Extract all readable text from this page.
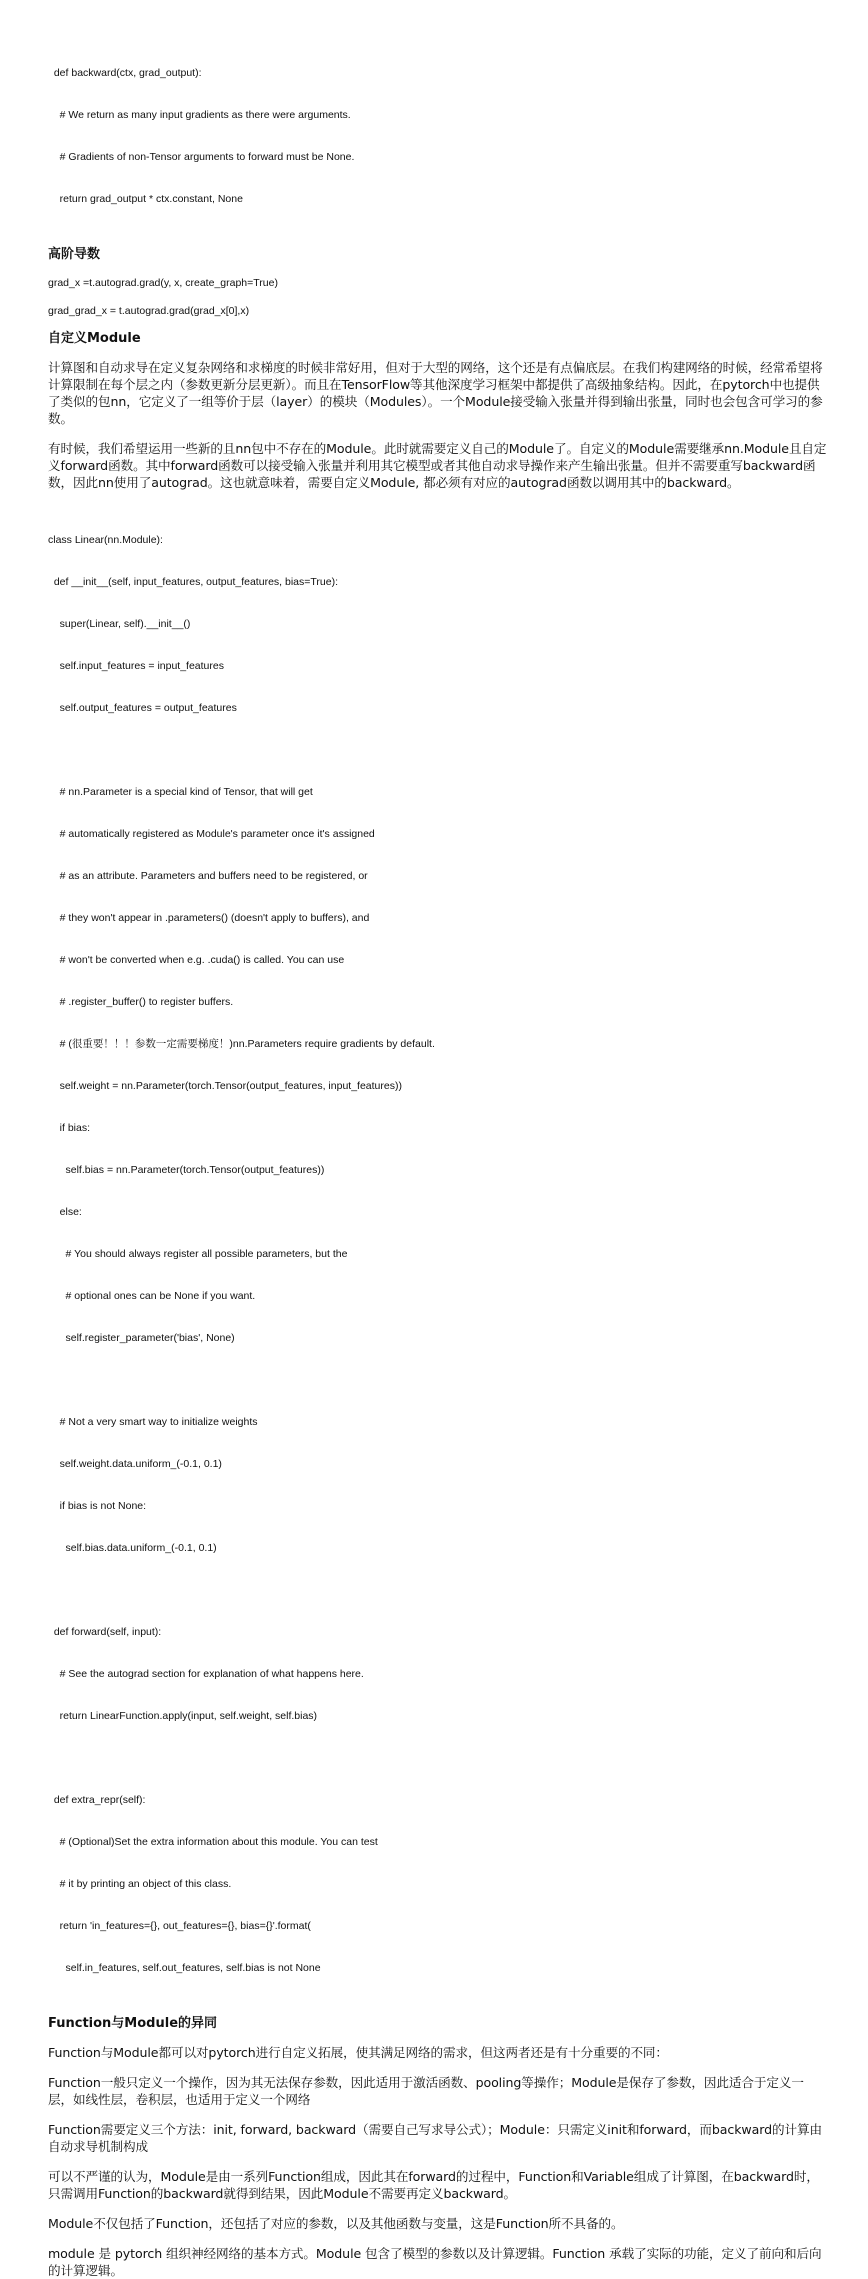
def backward(ctx, grad_output):

# We return as many input gradients as there were arguments.

# Gradients of non-Tensor arguments to forward must be None.

return grad_output * ctx.constant, None

高阶导数
grad_x =t.autograd.grad(y, x, create_graph=True)
grad_grad_x = t.autograd.grad(grad_x[0],x)
自定义Module

计算图和自动求导在定义复杂网络和求梯度的时候非常好用，但对于大型的网络，这个还是有点偏底层。在我们构建网络的时候，经常希望将计算限制在每个层之内（参数更新分层更新）。而且在TensorFlow等其他深度学习框架中都提供了高级抽象结构。因此，在pytorch中也提供了类似的包nn，它定义了一组等价于层（layer）的模块（Modules）。一个Module接受输入张量并得到输出张量，同时也会包含可学习的参数。

有时候，我们希望运用一些新的且nn包中不存在的Module。此时就需要定义自己的Module了。自定义的Module需要继承nn.Module且自定义forward函数。其中forward函数可以接受输入张量并利用其它模型或者其他自动求导操作来产生输出张量。但并不需要重写backward函数，因此nn使用了autograd。这也就意味着，需要自定义Module, 都必须有对应的autograd函数以调用其中的backward。

class Linear(nn.Module):

def __init__(self, input_features, output_features, bias=True):

super(Linear, self).__init__()

self.input_features = input_features

self.output_features = output_features

# nn.Parameter is a special kind of Tensor, that will get

# automatically registered as Module's parameter once it's assigned

# as an attribute. Parameters and buffers need to be registered, or

# they won't appear in .parameters() (doesn't apply to buffers), and

# won't be converted when e.g. .cuda() is called. You can use

# .register_buffer() to register buffers.

# (很重要！！！参数一定需要梯度！)nn.Parameters require gradients by default.

self.weight = nn.Parameter(torch.Tensor(output_features, input_features))

if bias:

self.bias = nn.Parameter(torch.Tensor(output_features))

else:

# You should always register all possible parameters, but the

# optional ones can be None if you want.

self.register_parameter('bias', None)

# Not a very smart way to initialize weights

self.weight.data.uniform_(-0.1, 0.1)

if bias is not None:

self.bias.data.uniform_(-0.1, 0.1)

def forward(self, input):

# See the autograd section for explanation of what happens here.

return LinearFunction.apply(input, self.weight, self.bias)

def extra_repr(self):

# (Optional)Set the extra information about this module. You can test

# it by printing an object of this class.

return 'in_features={}, out_features={}, bias={}'.format(

self.in_features, self.out_features, self.bias is not None

Function与Module的异同

Function与Module都可以对pytorch进行自定义拓展，使其满足网络的需求，但这两者还是有十分重要的不同：

Function一般只定义一个操作，因为其无法保存参数，因此适用于激活函数、pooling等操作；Module是保存了参数，因此适合于定义一层，如线性层，卷积层，也适用于定义一个网络

Function需要定义三个方法：init, forward, backward（需要自己写求导公式）；Module：只需定义init和forward，而backward的计算由自动求导机制构成

可以不严谨的认为，Module是由一系列Function组成，因此其在forward的过程中，Function和Variable组成了计算图，在backward时，只需调用Function的backward就得到结果，因此Module不需要再定义backward。

Module不仅包括了Function，还包括了对应的参数，以及其他函数与变量，这是Function所不具备的。

module 是 pytorch 组织神经网络的基本方式。Module 包含了模型的参数以及计算逻辑。Function 承载了实际的功能，定义了前向和后向的计算逻辑。
